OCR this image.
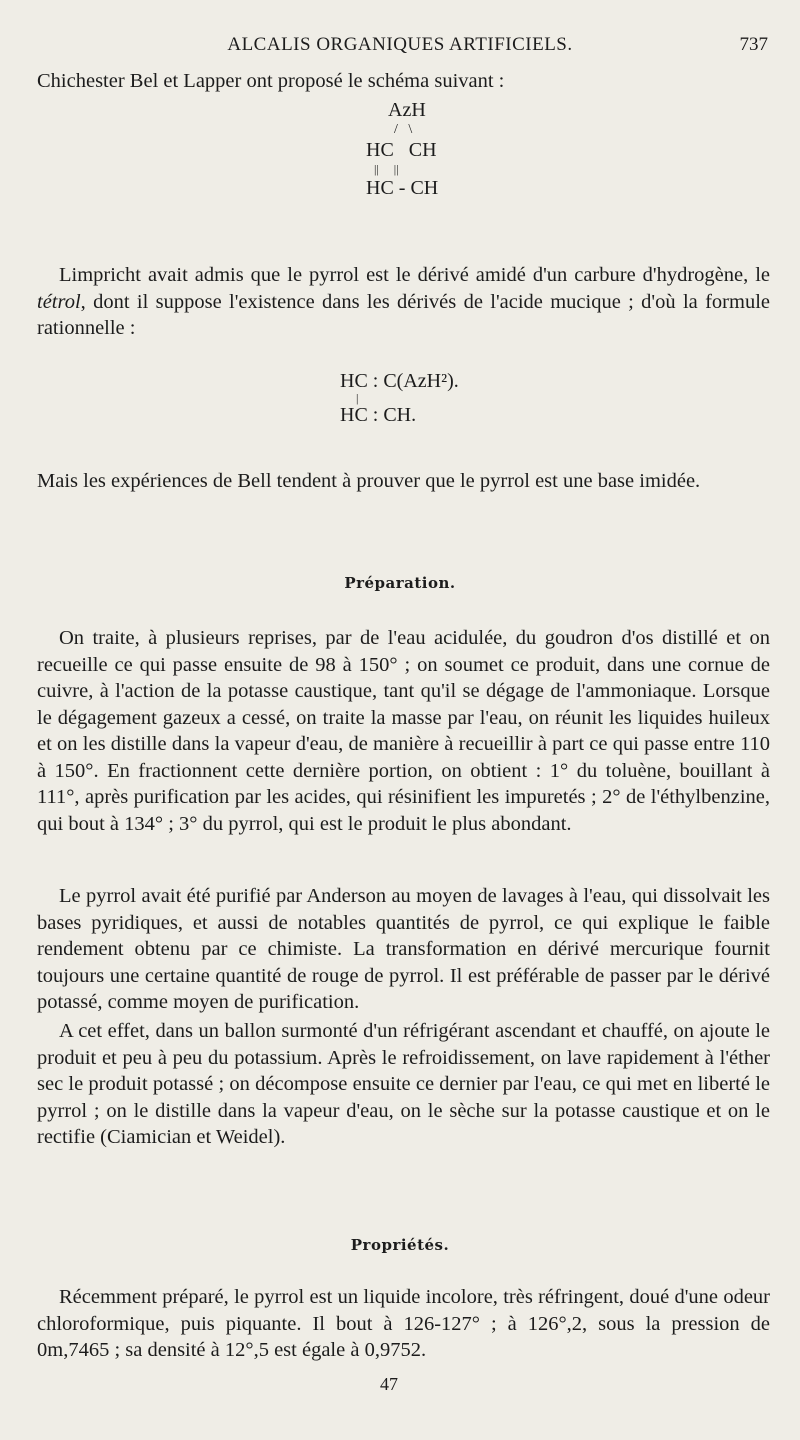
ALCALIS ORGANIQUES ARTIFICIELS.	737

Chichester Bel et Lapper ont proposé le schéma suivant :

AzH
/   \
HC   CH
||     ||
HC - CH

Limpricht avait admis que le pyrrol est le dérivé amidé d'un carbure d'hydrogène, le tétrol, dont il suppose l'existence dans les dérivés de l'acide mucique ; d'où la formule rationnelle :

HC : C(AzH²).
|
HC : CH.

Mais les expériences de Bell tendent à prouver que le pyrrol est une base imidée.

Préparation.

On traite, à plusieurs reprises, par de l'eau acidulée, du goudron d'os distillé et on recueille ce qui passe ensuite de 98 à 150° ; on soumet ce produit, dans une cornue de cuivre, à l'action de la potasse caustique, tant qu'il se dégage de l'ammoniaque. Lorsque le dégagement gazeux a cessé, on traite la masse par l'eau, on réunit les liquides huileux et on les distille dans la vapeur d'eau, de manière à recueillir à part ce qui passe entre 110 à 150°. En fractionnent cette dernière portion, on obtient : 1° du toluène, bouillant à 111°, après purification par les acides, qui résinifient les impuretés ; 2° de l'éthylbenzine, qui bout à 134° ; 3° du pyrrol, qui est le produit le plus abondant.

Le pyrrol avait été purifié par Anderson au moyen de lavages à l'eau, qui dissolvait les bases pyridiques, et aussi de notables quantités de pyrrol, ce qui explique le faible rendement obtenu par ce chimiste. La transformation en dérivé mercurique fournit toujours une certaine quantité de rouge de pyrrol. Il est préférable de passer par le dérivé potassé, comme moyen de purification.

A cet effet, dans un ballon surmonté d'un réfrigérant ascendant et chauffé, on ajoute le produit et peu à peu du potassium. Après le refroidissement, on lave rapidement à l'éther sec le produit potassé ; on décompose ensuite ce dernier par l'eau, ce qui met en liberté le pyrrol ; on le distille dans la vapeur d'eau, on le sèche sur la potasse caustique et on le rectifie (Ciamician et Weidel).

Propriétés.

Récemment préparé, le pyrrol est un liquide incolore, très réfringent, doué d'une odeur chloroformique, puis piquante. Il bout à 126-127° ; à 126°,2, sous la pression de 0m,7465 ; sa densité à 12°,5 est égale à 0,9752.

47
